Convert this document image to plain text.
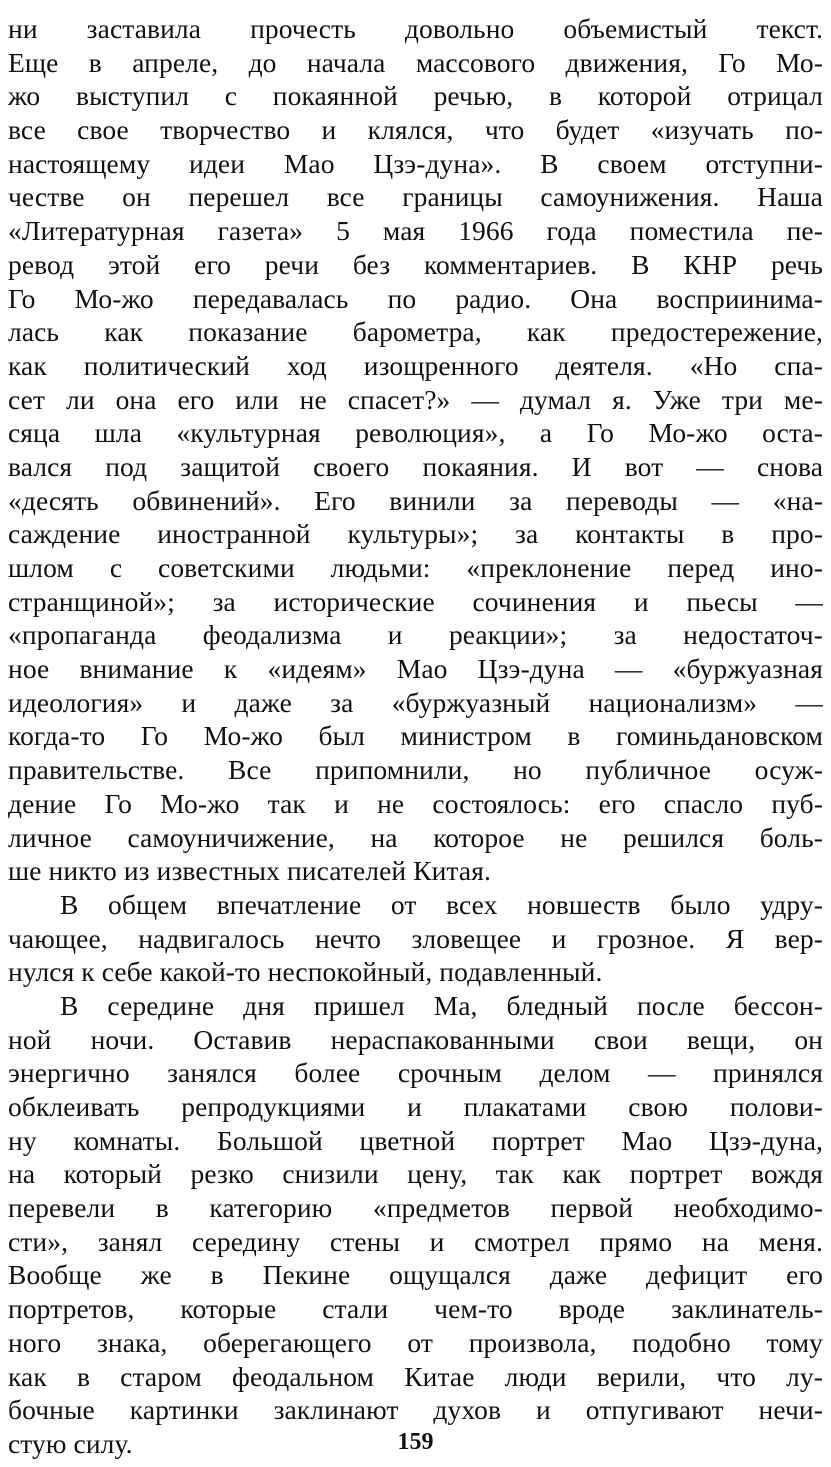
ни заставила прочесть довольно объемистый текст.
Еще в апреле, до начала массового движения, Го Мо-
жо выступил с покаянной речью, в которой отрицал
все свое творчество и клялся, что будет «изучать по-
настоящему идеи Мао Цзэ-дуна». В своем отступни-
честве он перешел все границы самоунижения. Наша
«Литературная газета» 5 мая 1966 года поместила пе-
ревод этой его речи без комментариев. В КНР речь
Го Мо-жо передавалась по радио. Она восприинима-
лась как показание барометра, как предостережение,
как политический ход изощренного деятеля. «Но спа-
сет ли она его или не спасет?» — думал я. Уже три ме-
сяца шла «культурная революция», а Го Мо-жо оста-
вался под защитой своего покаяния. И вот — снова
«десять обвинений». Его винили за переводы — «на-
саждение иностранной культуры»; за контакты в про-
шлом с советскими людьми: «преклонение перед ино-
странщиной»; за исторические сочинения и пьесы —
«пропаганда феодализма и реакции»; за недостаточ-
ное внимание к «идеям» Мао Цзэ-дуна — «буржуазная
идеология» и даже за «буржуазный национализм» —
когда-то Го Мо-жо был министром в гоминьдановском
правительстве. Все припомнили, но публичное осуж-
дение Го Мо-жо так и не состоялось: его спасло пуб-
личное самоуничижение, на которое не решился боль-
ше никто из известных писателей Китая.
В общем впечатление от всех новшеств было удру-
чающее, надвигалось нечто зловещее и грозное. Я вер-
нулся к себе какой-то неспокойный, подавленный.
В середине дня пришел Ма, бледный после бессон-
ной ночи. Оставив нераспакованными свои вещи, он
энергично занялся более срочным делом — принялся
обклеивать репродукциями и плакатами свою полови-
ну комнаты. Большой цветной портрет Мао Цзэ-дуна,
на который резко снизили цену, так как портрет вождя
перевели в категорию «предметов первой необходимо-
сти», занял середину стены и смотрел прямо на меня.
Вообще же в Пекине ощущался даже дефицит его
портретов, которые стали чем-то вроде заклинатель-
ного знака, оберегающего от произвола, подобно тому
как в старом феодальном Китае люди верили, что лу-
бочные картинки заклинают духов и отпугивают нечи-
стую силу.	159
